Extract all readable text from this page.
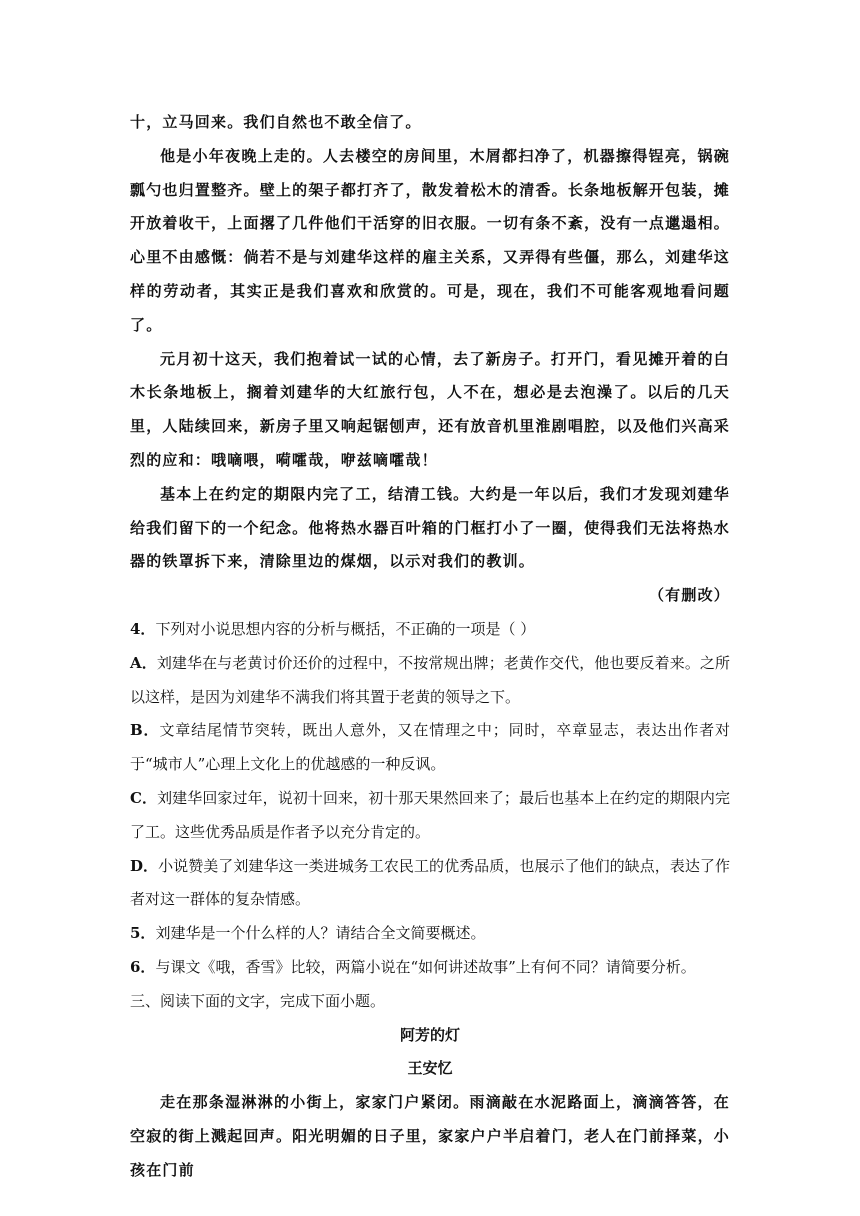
十，立马回来。我们自然也不敢全信了。

他是小年夜晚上走的。人去楼空的房间里，木屑都扫净了，机器擦得锃亮，锅碗瓢勺也归置整齐。壁上的架子都打齐了，散发着松木的清香。长条地板解开包装，摊开放着收干，上面撂了几件他们干活穿的旧衣服。一切有条不紊，没有一点邋遢相。心里不由感慨：倘若不是与刘建华这样的雇主关系，又弄得有些僵，那么，刘建华这样的劳动者，其实正是我们喜欢和欣赏的。可是，现在，我们不可能客观地看问题了。

元月初十这天，我们抱着试一试的心情，去了新房子。打开门，看见摊开着的白木长条地板上，搁着刘建华的大红旅行包，人不在，想必是去泡澡了。以后的几天里，人陆续回来，新房子里又响起锯刨声，还有放音机里淮剧唱腔，以及他们兴高采烈的应和：哦嘀喂，嗬嚯哉，咿兹嘀嚯哉！

基本上在约定的期限内完了工，结清工钱。大约是一年以后，我们才发现刘建华给我们留下的一个纪念。他将热水器百叶箱的门框打小了一圈，使得我们无法将热水器的铁罩拆下来，清除里边的煤烟，以示对我们的教训。

（有删改）

4．下列对小说思想内容的分析与概括，不正确的一项是（ ）

A．刘建华在与老黄讨价还价的过程中，不按常规出牌；老黄作交代，他也要反着来。之所以这样，是因为刘建华不满我们将其置于老黄的领导之下。

B．文章结尾情节突转，既出人意外，又在情理之中；同时，卒章显志，表达出作者对于“城市人”心理上文化上的优越感的一种反讽。

C．刘建华回家过年，说初十回来，初十那天果然回来了；最后也基本上在约定的期限内完了工。这些优秀品质是作者予以充分肯定的。

D．小说赞美了刘建华这一类进城务工农民工的优秀品质，也展示了他们的缺点，表达了作者对这一群体的复杂情感。

5．刘建华是一个什么样的人？请结合全文简要概述。

6．与课文《哦，香雪》比较，两篇小说在“如何讲述故事”上有何不同？请简要分析。

三、阅读下面的文字，完成下面小题。

阿芳的灯

王安忆

走在那条湿淋淋的小街上，家家门户紧闭。雨滴敲在水泥路面上，滴滴答答，在空寂的街上溅起回声。阳光明媚的日子里，家家户户半启着门，老人在门前择菜，小孩在门前
